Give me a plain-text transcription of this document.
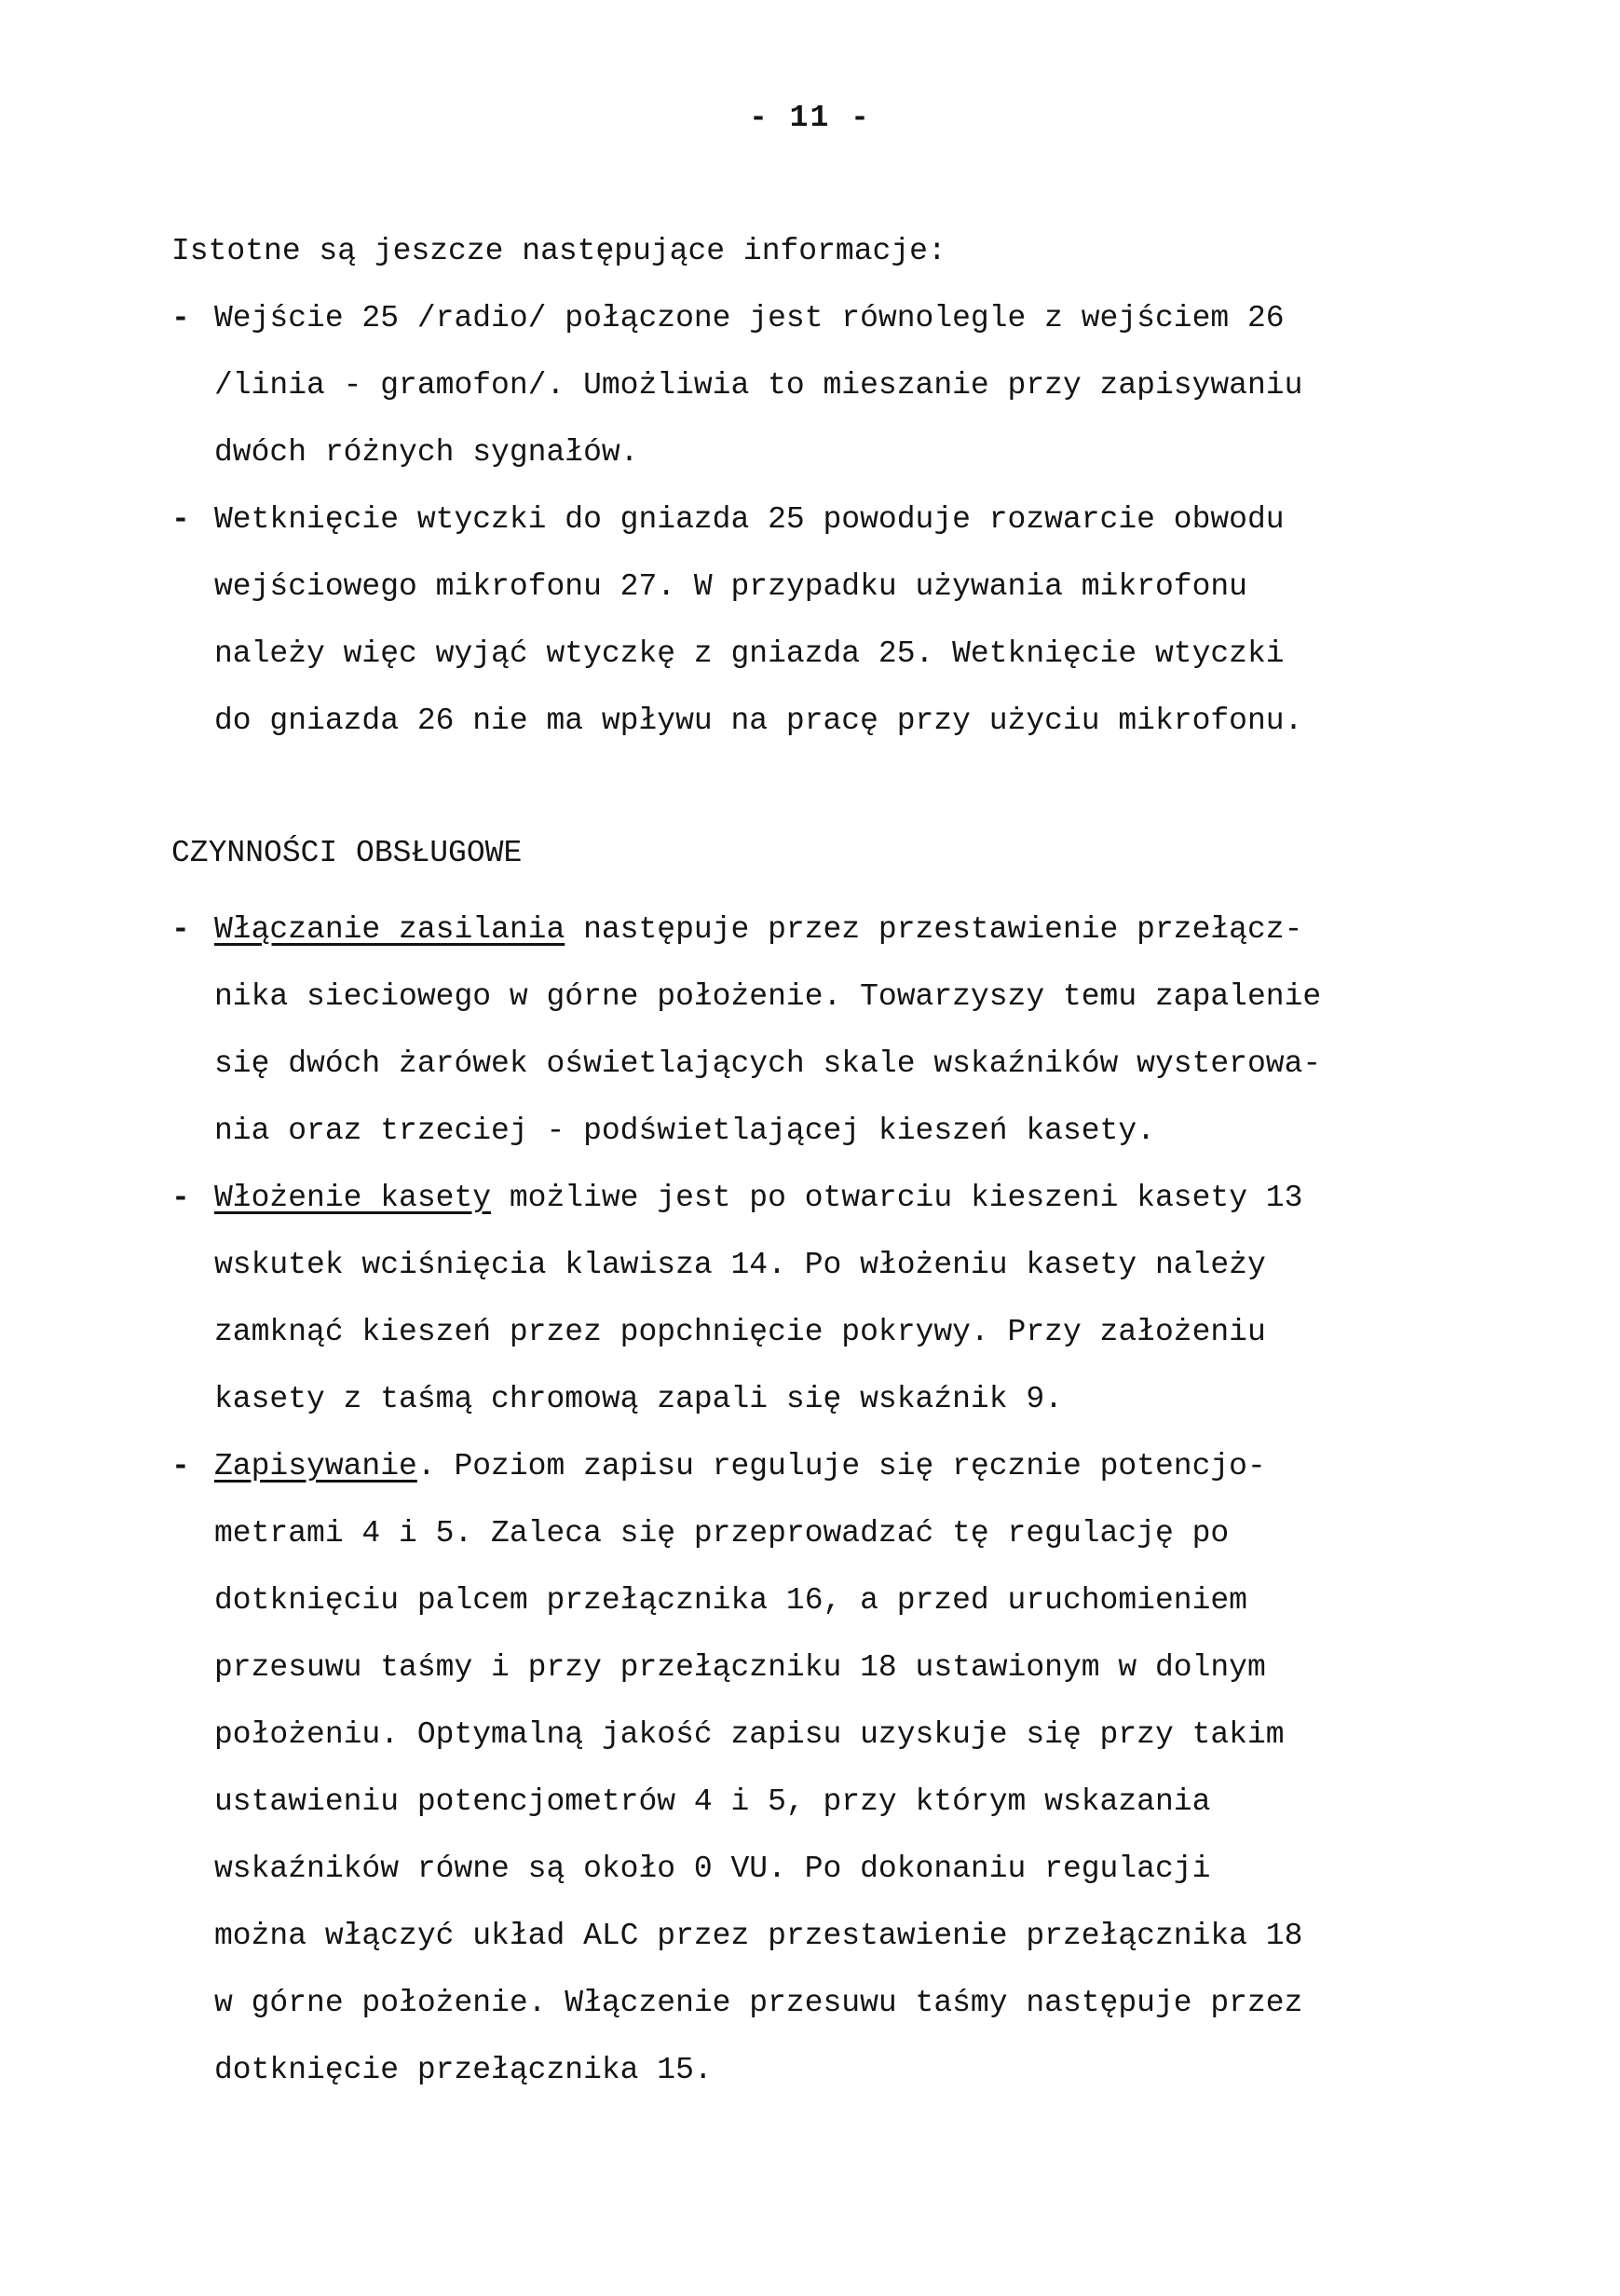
- 11 -
Istotne są jeszcze następujące informacje:
- Wejście 25 /radio/ połączone jest równolegle z wejściem 26
/linia - gramofon/. Umożliwia to mieszanie przy zapisywaniu
dwóch różnych sygnałów.
- Wetknięcie wtyczki do gniazda 25 powoduje rozwarcie obwodu
wejściowego mikrofonu 27. W przypadku używania mikrofonu
należy więc wyjąć wtyczkę z gniazda 25. Wetknięcie wtyczki
do gniazda 26 nie ma wpływu na pracę przy użyciu mikrofonu.
CZYNNOŚCI OBSŁUGOWE
- Włączanie zasilania następuje przez przestawienie przełącz-
nika sieciowego w górne położenie. Towarzyszy temu zapalenie
się dwóch żarówek oświetlających skale wskaźników wysterowa-
nia oraz trzeciej - podświetlającej kieszeń kasety.
- Włożenie kasety możliwe jest po otwarciu kieszeni kasety 13
wskutek wciśnięcia klawisza 14. Po włożeniu kasety należy
zamknąć kieszeń przez popchnięcie pokrywy. Przy założeniu
kasety z taśmą chromową zapali się wskaźnik 9.
- Zapisywanie. Poziom zapisu reguluje się ręcznie potencjo-
metrami 4 i 5. Zaleca się przeprowadzać tę regulację po
dotknięciu palcem przełącznika 16, a przed uruchomieniem
przesuwu taśmy i przy przełączniku 18 ustawionym w dolnym
położeniu. Optymalną jakość zapisu uzyskuje się przy takim
ustawieniu potencjometrów 4 i 5, przy którym wskazania
wskaźników równe są około 0 VU. Po dokonaniu regulacji
można włączyć układ ALC przez przestawienie przełącznika 18
w górne położenie. Włączenie przesuwu taśmy następuje przez
dotknięcie przełącznika 15.
